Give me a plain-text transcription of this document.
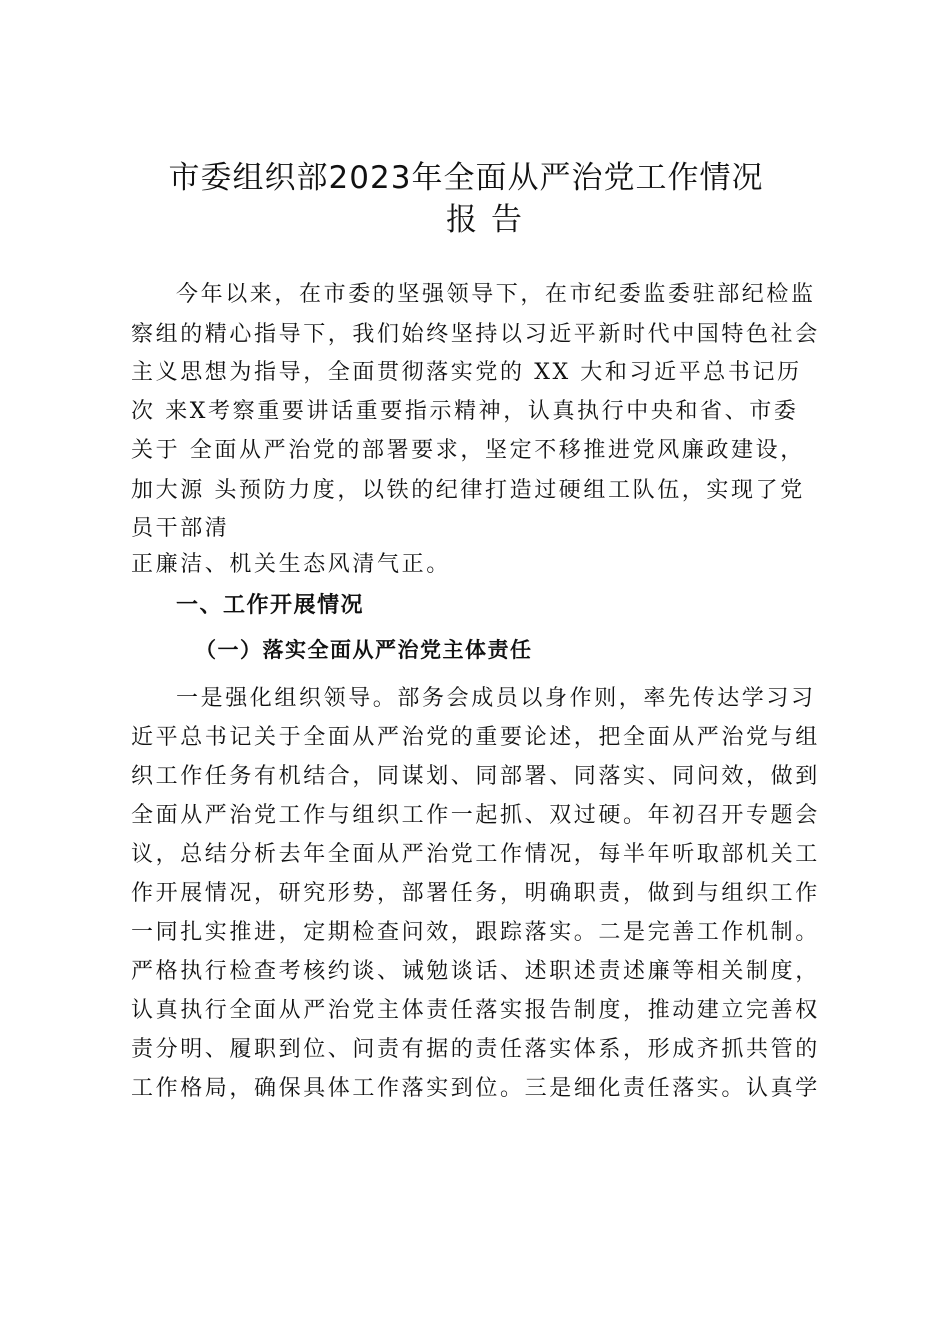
市委组织部2023年全面从严治党工作情况
报告
今年以来，在市委的坚强领导下，在市纪委监委驻部纪检监
察组的精心指导下，我们始终坚持以习近平新时代中国特色社会
主义思想为指导，全面贯彻落实党的 XX 大和习近平总书记历
次 来X考察重要讲话重要指示精神，认真执行中央和省、市委
关于 全面从严治党的部署要求，坚定不移推进党风廉政建设，
加大源 头预防力度，以铁的纪律打造过硬组工队伍，实现了党
员干部清
正廉洁、机关生态风清气正。
一、工作开展情况
（一）落实全面从严治党主体责任
一是强化组织领导。部务会成员以身作则，率先传达学习习
近平总书记关于全面从严治党的重要论述，把全面从严治党与组
织工作任务有机结合，同谋划、同部署、同落实、同问效，做到
全面从严治党工作与组织工作一起抓、双过硬。年初召开专题会
议，总结分析去年全面从严治党工作情况，每半年听取部机关工
作开展情况，研究形势，部署任务，明确职责，做到与组织工作
一同扎实推进，定期检查问效，跟踪落实。二是完善工作机制。
严格执行检查考核约谈、诫勉谈话、述职述责述廉等相关制度，
认真执行全面从严治党主体责任落实报告制度，推动建立完善权
责分明、履职到位、问责有据的责任落实体系，形成齐抓共管的
工作格局，确保具体工作落实到位。三是细化责任落实。认真学
